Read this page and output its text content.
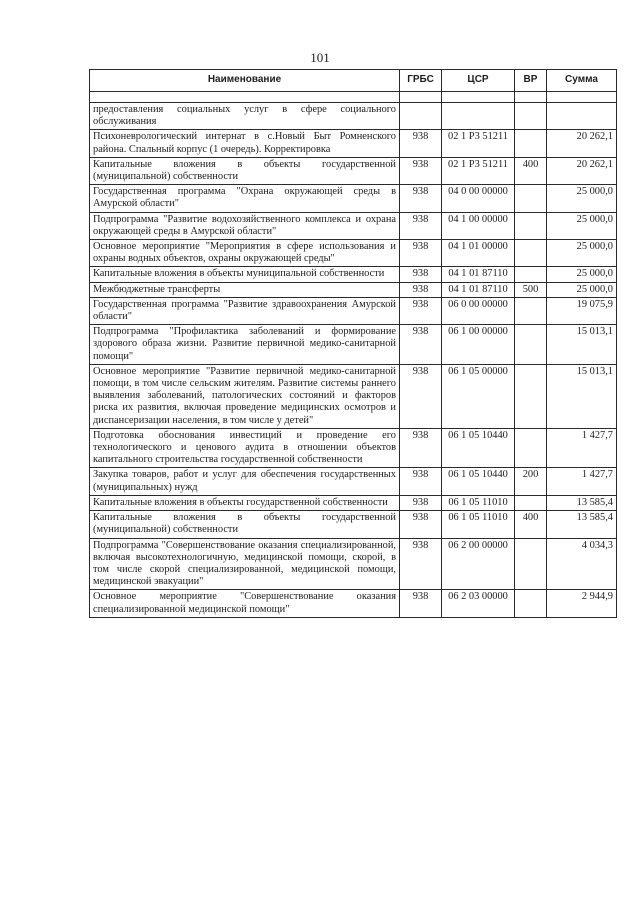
101
Наименование	ГРБС	ЦСР	ВР	Сумма

предоставления социальных услуг в сфере социального обслуживания				
Психоневрологический интернат в с.Новый Быт Ромненского района. Спальный корпус (1 очередь). Корректировка	938	02 1 P3 51211		20 262,1
Капитальные вложения в объекты государственной (муниципальной) собственности	938	02 1 P3 51211	400	20 262,1
Государственная программа "Охрана окружающей среды в Амурской области"	938	04 0 00 00000		25 000,0
Подпрограмма "Развитие водохозяйственного комплекса и охрана окружающей среды в Амурской области"	938	04 1 00 00000		25 000,0
Основное мероприятие "Мероприятия в сфере использования и охраны водных объектов, охраны окружающей среды"	938	04 1 01 00000		25 000,0
Капитальные вложения в объекты муниципальной собственности	938	04 1 01 87110		25 000,0
Межбюджетные трансферты	938	04 1 01 87110	500	25 000,0
Государственная программа "Развитие здравоохранения Амурской области"	938	06 0 00 00000		19 075,9
Подпрограмма "Профилактика заболеваний и формирование здорового образа жизни. Развитие первичной медико-санитарной помощи"	938	06 1 00 00000		15 013,1
Основное мероприятие "Развитие первичной медико-санитарной помощи, в том числе сельским жителям. Развитие системы раннего выявления заболеваний, патологических состояний и факторов риска их развития, включая проведение медицинских осмотров и диспансеризации населения, в том числе у детей"	938	06 1 05 00000		15 013,1
Подготовка обоснования инвестиций и проведение его технологического и ценового аудита в отношении объектов капитального строительства государственной собственности	938	06 1 05 10440		1 427,7
Закупка товаров, работ и услуг для обеспечения государственных (муниципальных) нужд	938	06 1 05 10440	200	1 427,7
Капитальные вложения в объекты государственной собственности	938	06 1 05 11010		13 585,4
Капитальные вложения в объекты государственной (муниципальной) собственности	938	06 1 05 11010	400	13 585,4
Подпрограмма "Совершенствование оказания специализированной, включая высокотехнологичную, медицинской помощи, скорой, в том числе скорой специализированной, медицинской помощи, медицинской эвакуации"	938	06 2 00 00000		4 034,3
Основное мероприятие "Совершенствование оказания специализированной медицинской помощи"	938	06 2 03 00000		2 944,9
